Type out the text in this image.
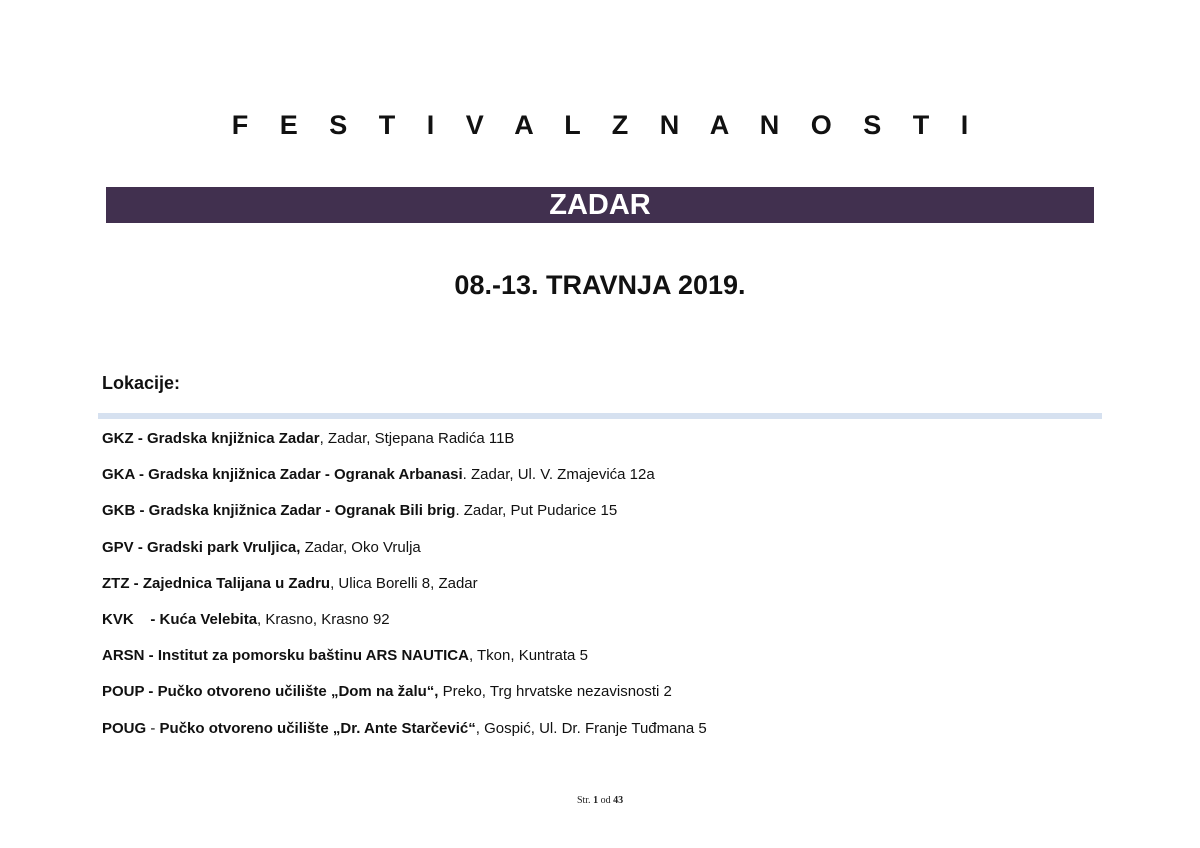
F E S T I V A L Z N A N O S T I
ZADAR
08.-13. TRAVNJA 2019.
Lokacije:
GKZ - Gradska knjižnica Zadar, Zadar, Stjepana Radića 11B
GKA - Gradska knjižnica Zadar - Ogranak Arbanasi. Zadar, Ul. V. Zmajevića 12a
GKB - Gradska knjižnica Zadar - Ogranak Bili brig. Zadar, Put Pudarice 15
GPV - Gradski park Vruljica, Zadar, Oko Vrulja
ZTZ - Zajednica Talijana u Zadru, Ulica Borelli 8, Zadar
KVK    - Kuća Velebita, Krasno, Krasno 92
ARSN - Institut za pomorsku baštinu ARS NAUTICA, Tkon, Kuntrata 5
POUP - Pučko otvoreno učilište „Dom na žalu“, Preko, Trg hrvatske nezavisnosti 2
POUG - Pučko otvoreno učilište „Dr. Ante Starčević“, Gospić, Ul. Dr. Franje Tuđmana 5
Str. 1 od 43
